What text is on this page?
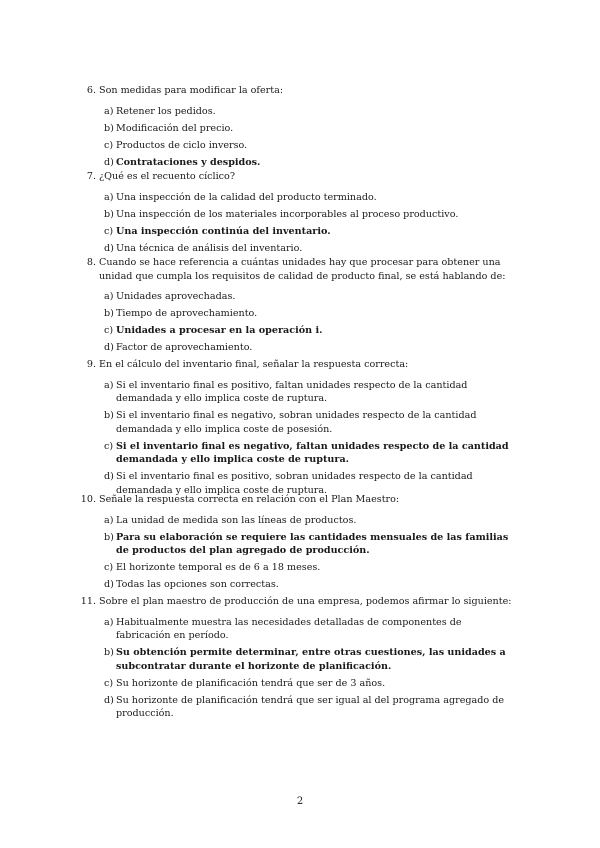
6. Son medidas para modificar la oferta:
a) Retener los pedidos.
b) Modificación del precio.
c) Productos de ciclo inverso.
d) Contrataciones y despidos.
7. ¿Qué es el recuento cíclico?
a) Una inspección de la calidad del producto terminado.
b) Una inspección de los materiales incorporables al proceso productivo.
c) Una inspección continúa del inventario.
d) Una técnica de análisis del inventario.
8. Cuando se hace referencia a cuántas unidades hay que procesar para obtener una unidad que cumpla los requisitos de calidad de producto final, se está hablando de:
a) Unidades aprovechadas.
b) Tiempo de aprovechamiento.
c) Unidades a procesar en la operación i.
d) Factor de aprovechamiento.
9. En el cálculo del inventario final, señalar la respuesta correcta:
a) Si el inventario final es positivo, faltan unidades respecto de la cantidad demandada y ello implica coste de ruptura.
b) Si el inventario final es negativo, sobran unidades respecto de la cantidad demandada y ello implica coste de posesión.
c) Si el inventario final es negativo, faltan unidades respecto de la cantidad demandada y ello implica coste de ruptura.
d) Si el inventario final es positivo, sobran unidades respecto de la cantidad demandada y ello implica coste de ruptura.
10. Señale la respuesta correcta en relación con el Plan Maestro:
a) La unidad de medida son las líneas de productos.
b) Para su elaboración se requiere las cantidades mensuales de las familias de productos del plan agregado de producción.
c) El horizonte temporal es de 6 a 18 meses.
d) Todas las opciones son correctas.
11. Sobre el plan maestro de producción de una empresa, podemos afirmar lo siguiente:
a) Habitualmente muestra las necesidades detalladas de componentes de fabricación en período.
b) Su obtención permite determinar, entre otras cuestiones, las unidades a subcontratar durante el horizonte de planificación.
c) Su horizonte de planificación tendrá que ser de 3 años.
d) Su horizonte de planificación tendrá que ser igual al del programa agregado de producción.
2
